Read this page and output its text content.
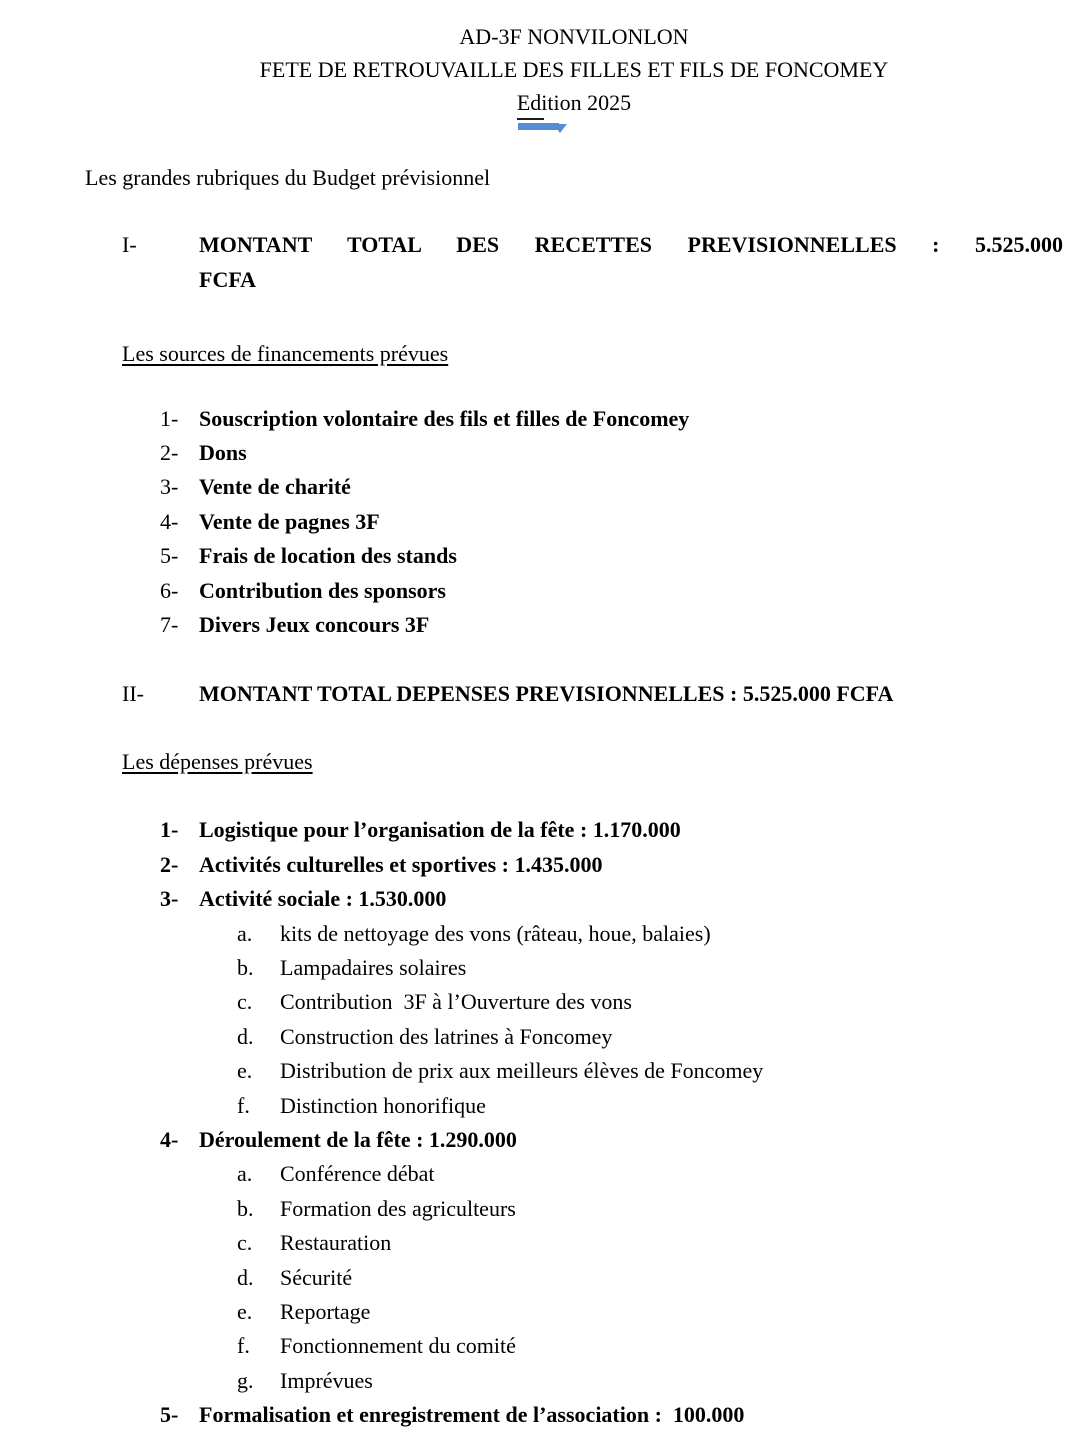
AD-3F NONVILONLON
FETE DE RETROUVAILLE DES FILLES ET FILS DE FONCOMEY
Edition 2025
Les grandes rubriques du Budget prévisionnel
I-	MONTANT TOTAL DES RECETTES PREVISIONNELLES : 5.525.000
FCFA
Les sources de financements prévues
1- Souscription volontaire des fils et filles de Foncomey
2- Dons
3- Vente de charité
4- Vente de pagnes 3F
5- Frais de location des stands
6- Contribution des sponsors
7- Divers Jeux concours 3F
II-	MONTANT TOTAL DEPENSES PREVISIONNELLES : 5.525.000 FCFA
Les dépenses prévues
1- Logistique pour l’organisation de la fête : 1.170.000
2- Activités culturelles et sportives : 1.435.000
3- Activité sociale : 1.530.000
a.	kits de nettoyage des vons (râteau, houe, balaies)
b.	Lampadaires solaires
c.	Contribution  3F à l’Ouverture des vons
d.	Construction des latrines à Foncomey
e.	Distribution de prix aux meilleurs élèves de Foncomey
f.	Distinction honorifique
4- Déroulement de la fête : 1.290.000
a.	Conférence débat
b.	Formation des agriculteurs
c.	Restauration
d.	Sécurité
e.	Reportage
f.	Fonctionnement du comité
g.	Imprévues
5- Formalisation et enregistrement de l’association :  100.000
